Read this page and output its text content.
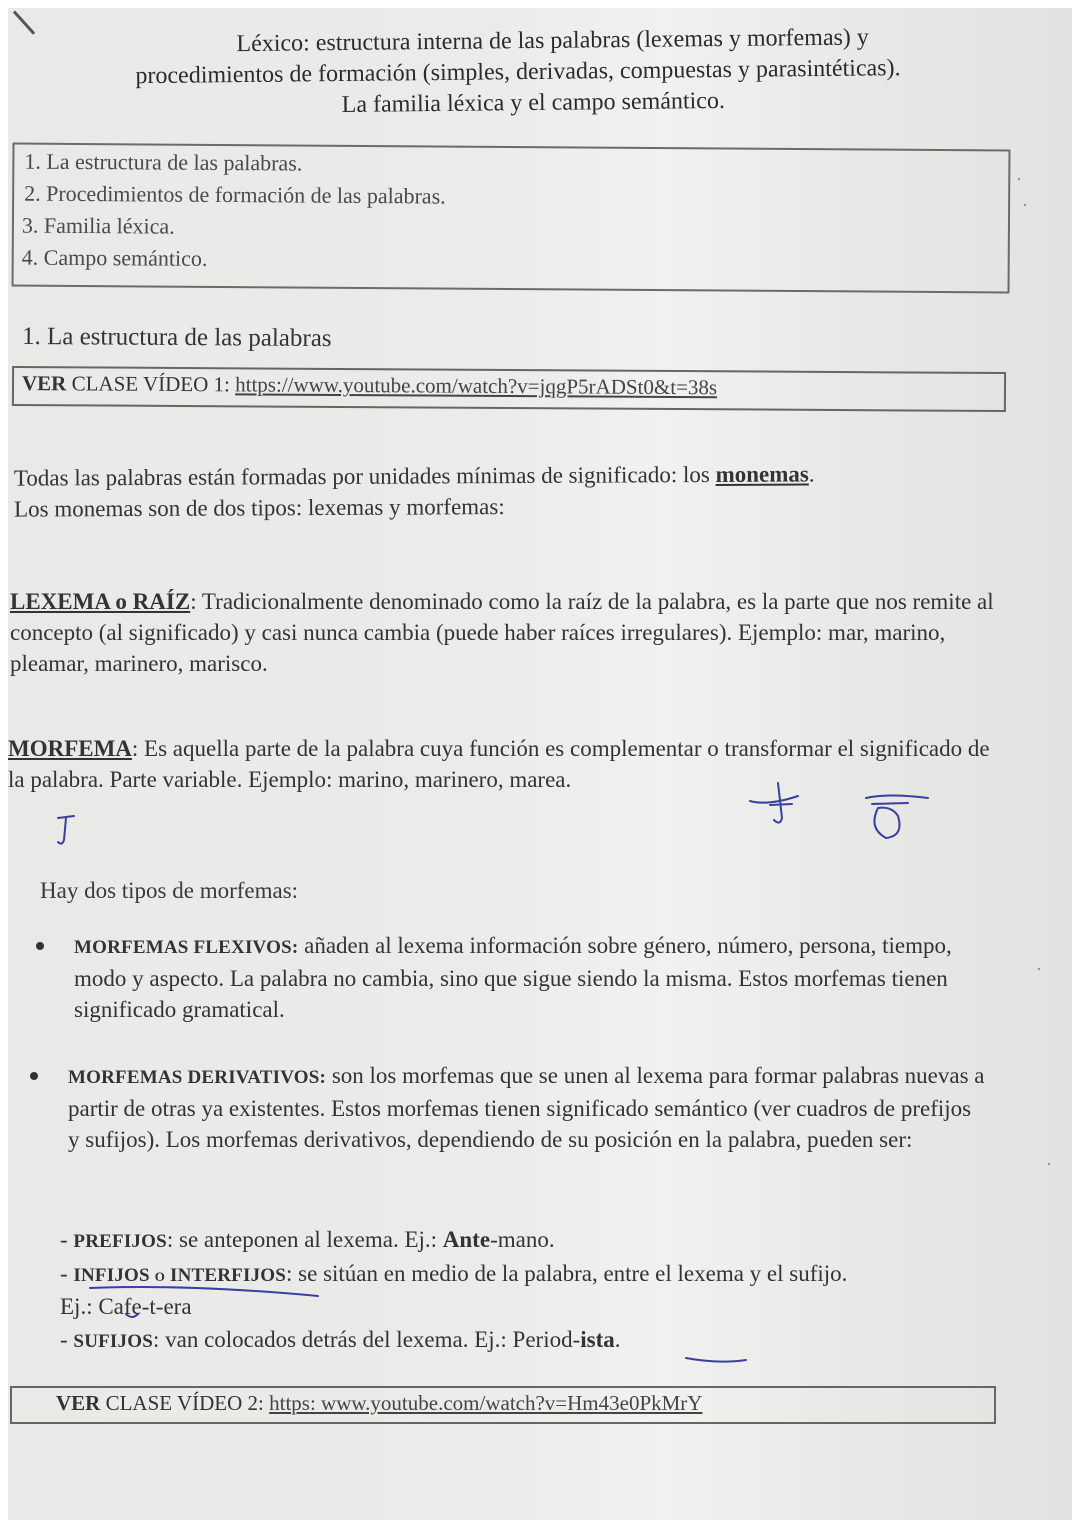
Léxico: estructura interna de las palabras (lexemas y morfemas) y
procedimientos de formación (simples, derivadas, compuestas y parasintéticas).
La familia léxica y el campo semántico.
1. La estructura de las palabras.
2. Procedimientos de formación de las palabras.
3. Familia léxica.
4. Campo semántico.
1. La estructura de las palabras
VER CLASE VÍDEO 1: https://www.youtube.com/watch?v=jqgP5rADSt0&t=38s
Todas las palabras están formadas por unidades mínimas de significado: los monemas.
Los monemas son de dos tipos: lexemas y morfemas:
LEXEMA o RAÍZ: Tradicionalmente denominado como la raíz de la palabra, es la parte que nos remite al concepto (al significado) y casi nunca cambia (puede haber raíces irregulares). Ejemplo: mar, marino, pleamar, marinero, marisco.
MORFEMA: Es aquella parte de la palabra cuya función es complementar o transformar el significado de la palabra. Parte variable. Ejemplo: marino, marinero, marea.
Hay dos tipos de morfemas:
MORFEMAS FLEXIVOS: añaden al lexema información sobre género, número, persona, tiempo, modo y aspecto. La palabra no cambia, sino que sigue siendo la misma. Estos morfemas tienen significado gramatical.
MORFEMAS DERIVATIVOS: son los morfemas que se unen al lexema para formar palabras nuevas a partir de otras ya existentes. Estos morfemas tienen significado semántico (ver cuadros de prefijos y sufijos). Los morfemas derivativos, dependiendo de su posición en la palabra, pueden ser:
- PREFIJOS: se anteponen al lexema. Ej.: Ante-mano.
- INFIJOS o INTERFIJOS: se sitúan en medio de la palabra, entre el lexema y el sufijo.
Ej.: Cafe-t-era
- SUFIJOS: van colocados detrás del lexema. Ej.: Period-ista.
VER CLASE VÍDEO 2: https: www.youtube.com/watch?v=Hm43e0PkMrY
